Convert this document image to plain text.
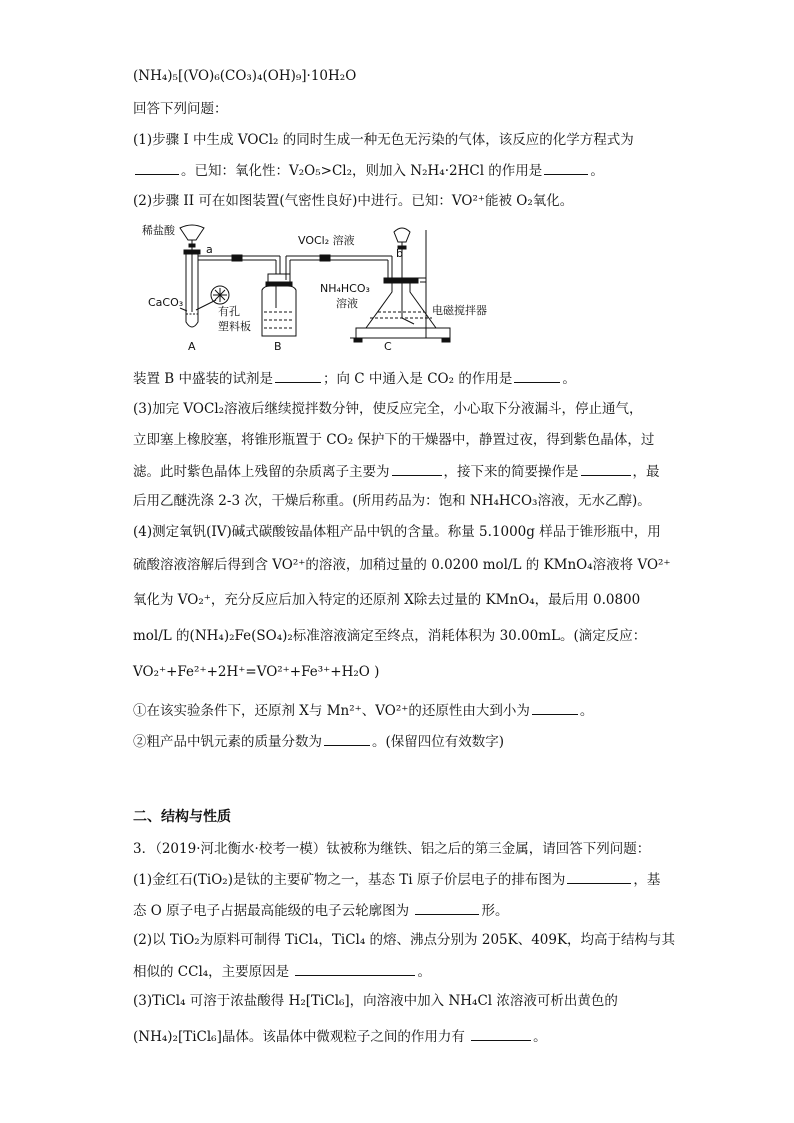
(NH₄)₅[(VO)₆(CO₃)₄(OH)₉]·10H₂O
回答下列问题：
(1)步骤 I 中生成 VOCl₂ 的同时生成一种无色无污染的气体，该反应的化学方程式为
。已知：氧化性：V₂O₅>Cl₂，则加入 N₂H₄·2HCl 的作用是	。
(2)步骤 II 可在如图装置(气密性良好)中进行。已知：VO²⁺能被 O₂氧化。
装置 B 中盛装的试剂是	；向 C 中通入是 CO₂ 的作用是	。
(3)加完 VOCl₂溶液后继续搅拌数分钟，使反应完全，小心取下分液漏斗，停止通气，
立即塞上橡胶塞，将锥形瓶置于 CO₂ 保护下的干燥器中，静置过夜，得到紫色晶体，过
滤。此时紫色晶体上残留的杂质离子主要为	，接下来的简要操作是	，最
后用乙醚洗涤 2-3 次，干燥后称重。(所用药品为：饱和 NH₄HCO₃溶液，无水乙醇)。
(4)测定氧钒(IV)碱式碳酸铵晶体粗产品中钒的含量。称量 5.1000g 样品于锥形瓶中，用
硫酸溶液溶解后得到含 VO²⁺的溶液，加稍过量的 0.0200 mol/L 的 KMnO₄溶液将 VO²⁺
氧化为 VO₂⁺，充分反应后加入特定的还原剂 X除去过量的 KMnO₄，最后用 0.0800
mol/L 的(NH₄)₂Fe(SO₄)₂标准溶液滴定至终点，消耗体积为 30.00mL。(滴定反应：
VO₂⁺+Fe²⁺+2H⁺=VO²⁺+Fe³⁺+H₂O )
①在该实验条件下，还原剂 X与 Mn²⁺、VO²⁺的还原性由大到小为	。
②粗产品中钒元素的质量分数为	。(保留四位有效数字)
3．（2019·河北衡水·校考一模）钛被称为继铁、铝之后的第三金属，请回答下列问题：
(1)金红石(TiO₂)是钛的主要矿物之一，基态 Ti 原子价层电子的排布图为	，基
态 O 原子电子占据最高能级的电子云轮廓图为	形。
(2)以 TiO₂为原料可制得 TiCl₄，TiCl₄ 的熔、沸点分别为 205K、409K，均高于结构与其
相似的 CCl₄，主要原因是	。
(3)TiCl₄ 可溶于浓盐酸得 H₂[TiCl₆]，向溶液中加入 NH₄Cl 浓溶液可析出黄色的
(NH₄)₂[TiCl₆]晶体。该晶体中微观粒子之间的作用力有	。
二、结构与性质
稀盐酸
a
VOCl₂ 溶液
b
CaCO₃
有孔
塑料板
NH₄HCO₃
溶液
电磁搅拌器
A	B	C
